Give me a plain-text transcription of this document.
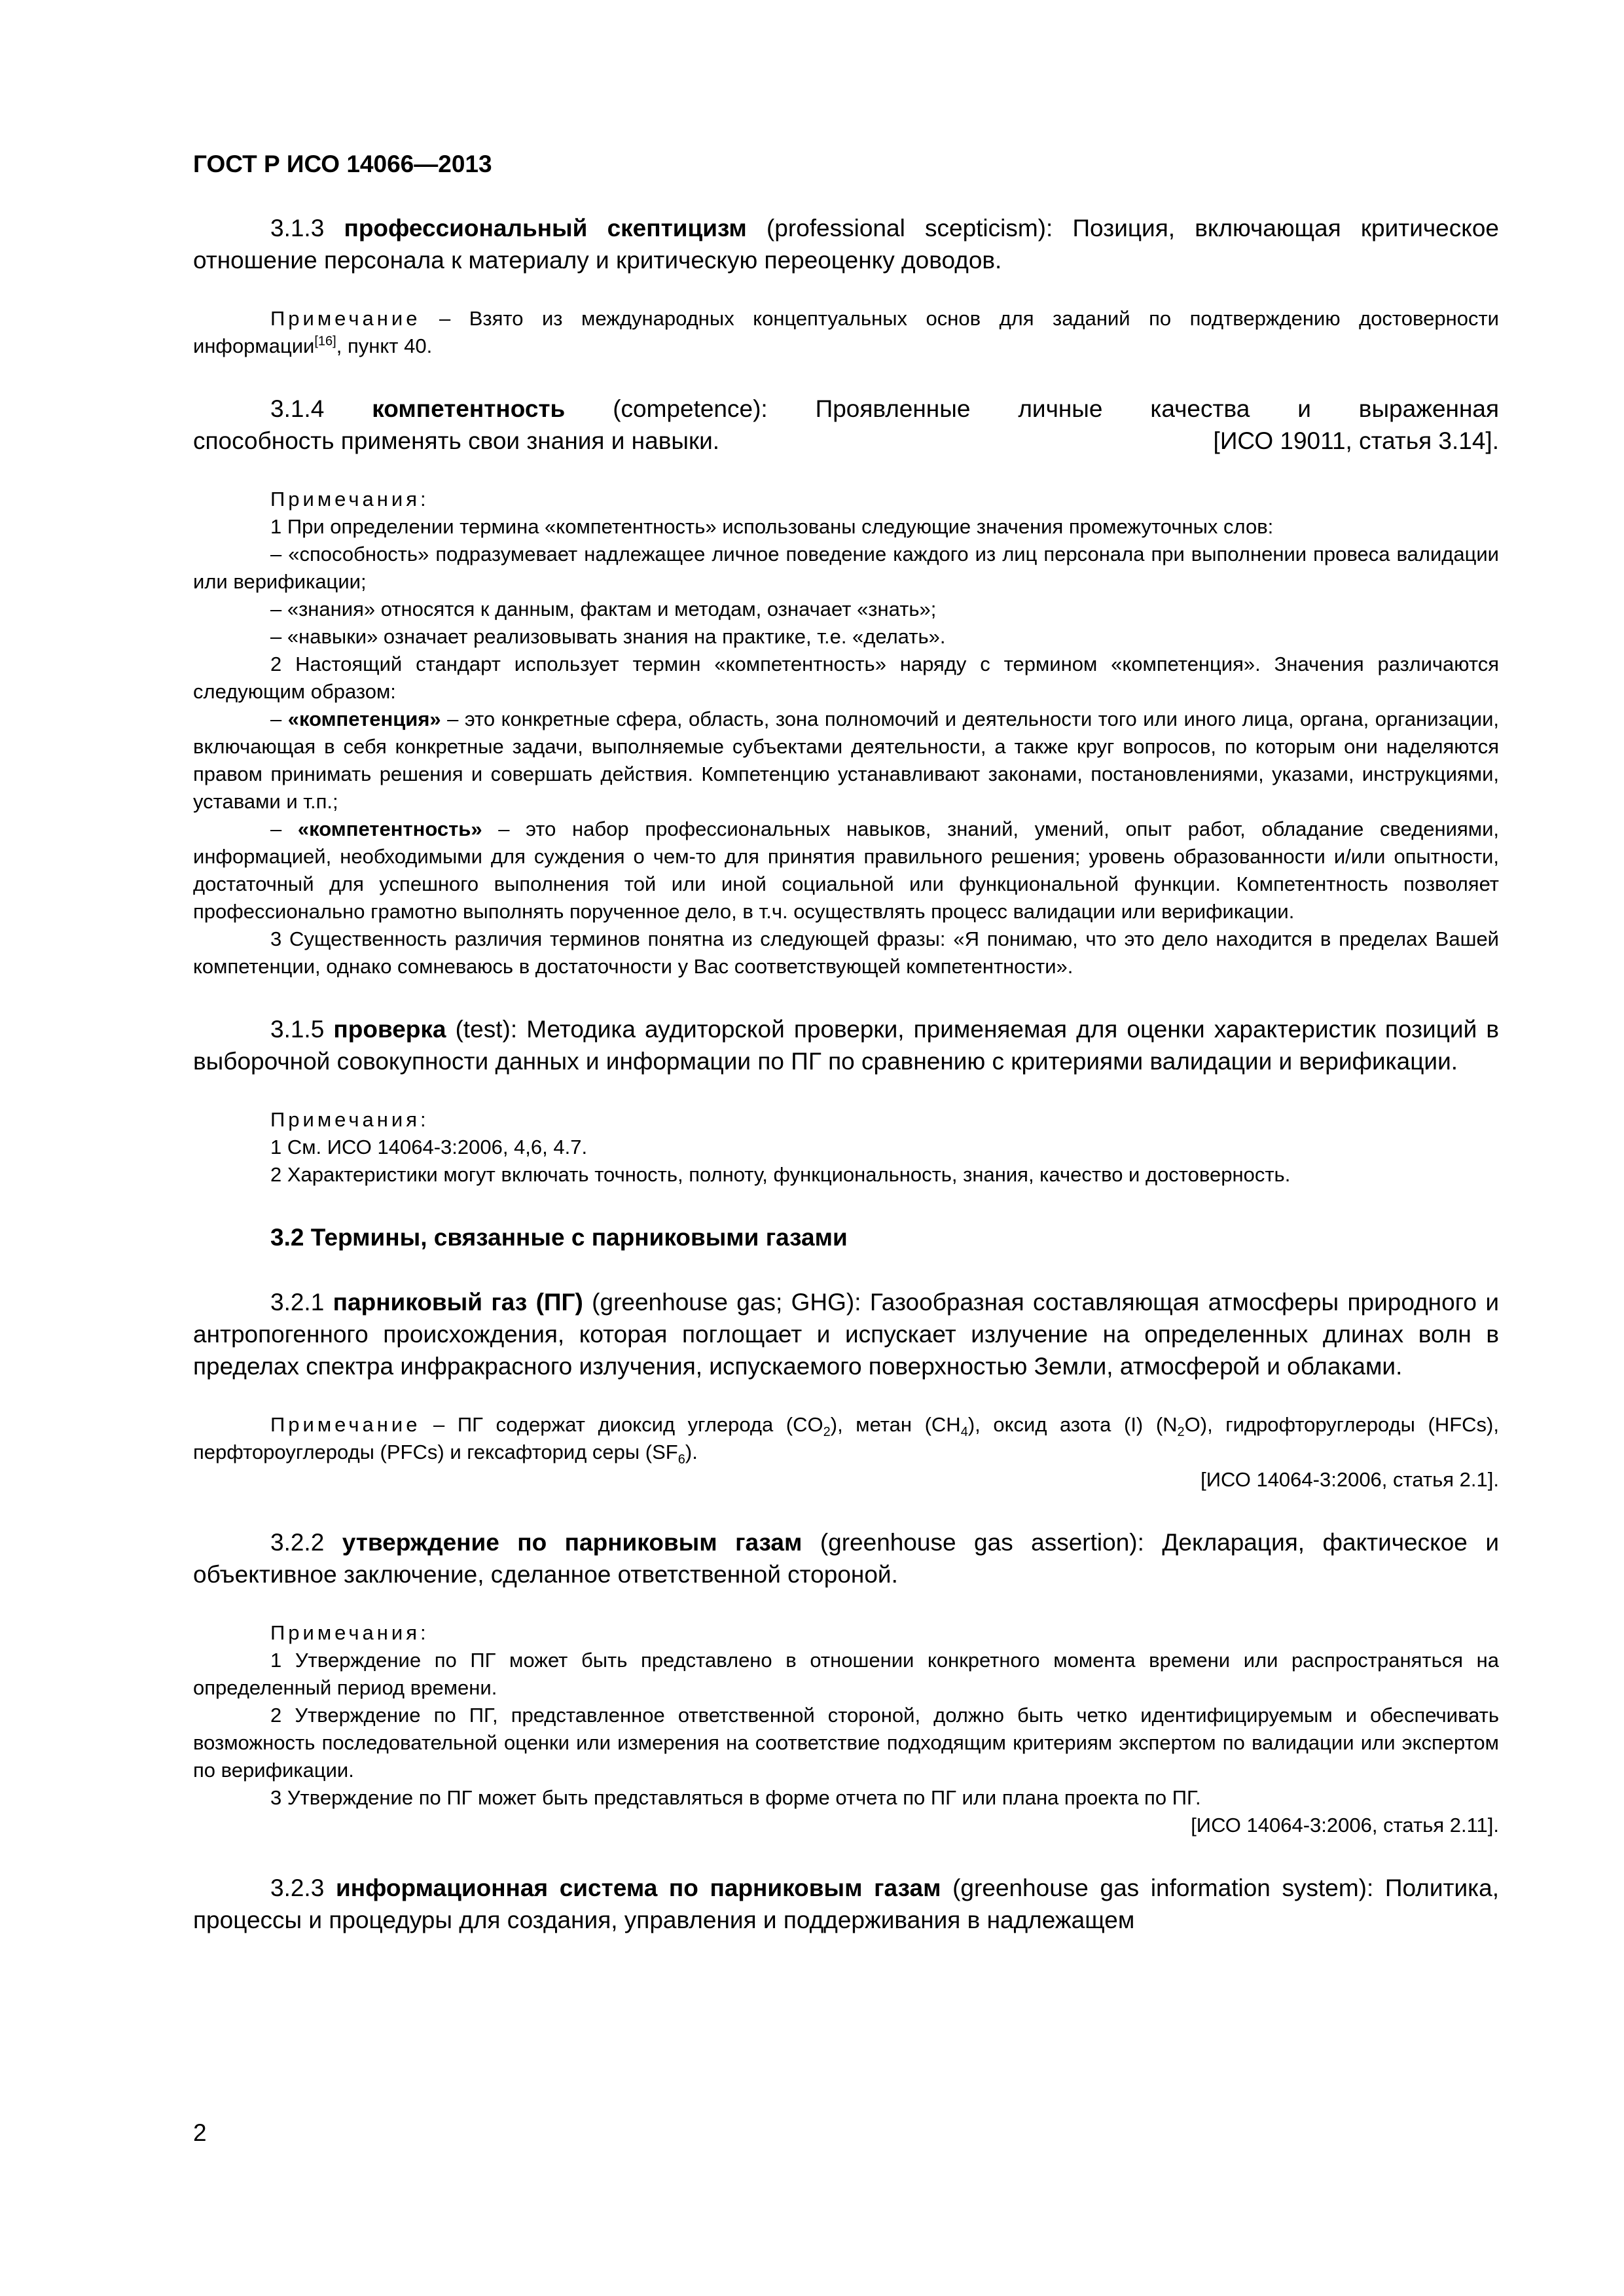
ГОСТ Р ИСО 14066—2013

3.1.3 профессиональный скептицизм (professional scepticism): Позиция, включающая критическое отношение персонала к материалу и критическую переоценку доводов.

Примечание – Взято из международных концептуальных основ для заданий по подтверждению достоверности информации[16], пункт 40.

3.1.4 компетентность (competence): Проявленные личные качества и выраженная

способность применять свои знания и навыки.	[ИСО 19011, статья 3.14].

Примечания:

1 При определении термина «компетентность» использованы следующие значения промежуточных слов:

– «способность» подразумевает надлежащее личное поведение каждого из лиц персонала при выполнении провеса валидации или верификации;

– «знания» относятся к данным, фактам и методам, означает «знать»;

– «навыки» означает реализовывать знания на практике, т.е. «делать».

2 Настоящий стандарт использует термин «компетентность» наряду с термином «компетенция». Значения различаются следующим образом:

– «компетенция» – это конкретные сфера, область, зона полномочий и деятельности того или иного лица, органа, организации, включающая в себя конкретные задачи, выполняемые субъектами деятельности, а также круг вопросов, по которым они наделяются правом принимать решения и совершать действия. Компетенцию устанавливают законами, постановлениями, указами, инструкциями, уставами и т.п.;

– «компетентность» – это набор профессиональных навыков, знаний, умений, опыт работ, обладание сведениями, информацией, необходимыми для суждения о чем-то для принятия правильного решения; уровень образованности и/или опытности, достаточный для успешного выполнения той или иной социальной или функциональной функции. Компетентность позволяет профессионально грамотно выполнять порученное дело, в т.ч. осуществлять процесс валидации или верификации.

3 Существенность различия терминов понятна из следующей фразы: «Я понимаю, что это дело находится в пределах Вашей компетенции, однако сомневаюсь в достаточности у Вас соответствующей компетентности».

3.1.5 проверка (test): Методика аудиторской проверки, применяемая для оценки характеристик позиций в выборочной совокупности данных и информации по ПГ по сравнению с критериями валидации и верификации.

Примечания:

1 См. ИСО 14064-3:2006, 4,6, 4.7.

2 Характеристики могут включать точность, полноту, функциональность, знания, качество и достоверность.

3.2 Термины, связанные с парниковыми газами

3.2.1 парниковый газ (ПГ) (greenhouse gas; GHG): Газообразная составляющая атмосферы природного и антропогенного происхождения, которая поглощает и испускает излучение на определенных длинах волн в пределах спектра инфракрасного излучения, испускаемого поверхностью Земли, атмосферой и облаками.

Примечание – ПГ содержат диоксид углерода $(CO_2)$, метан $(CH_4)$, оксид азота (I) $(N_2O)$, гидрофторуглероды (HFCs), перфтороуглероды (PFCs) и гексафторид серы $(SF_6)$.

[ИСО 14064-3:2006, статья 2.1].

3.2.2 утверждение по парниковым газам (greenhouse gas assertion): Декларация, фактическое и объективное заключение, сделанное ответственной стороной.

Примечания:

1 Утверждение по ПГ может быть представлено в отношении конкретного момента времени или распространяться на определенный период времени.

2 Утверждение по ПГ, представленное ответственной стороной, должно быть четко идентифицируемым и обеспечивать возможность последовательной оценки или измерения на соответствие подходящим критериям экспертом по валидации или экспертом по верификации.

3 Утверждение по ПГ может быть представляться в форме отчета по ПГ или плана проекта по ПГ.

[ИСО 14064-3:2006, статья 2.11].

3.2.3 информационная система по парниковым газам (greenhouse gas information system): Политика, процессы и процедуры для создания, управления и поддерживания в надлежащем

2
